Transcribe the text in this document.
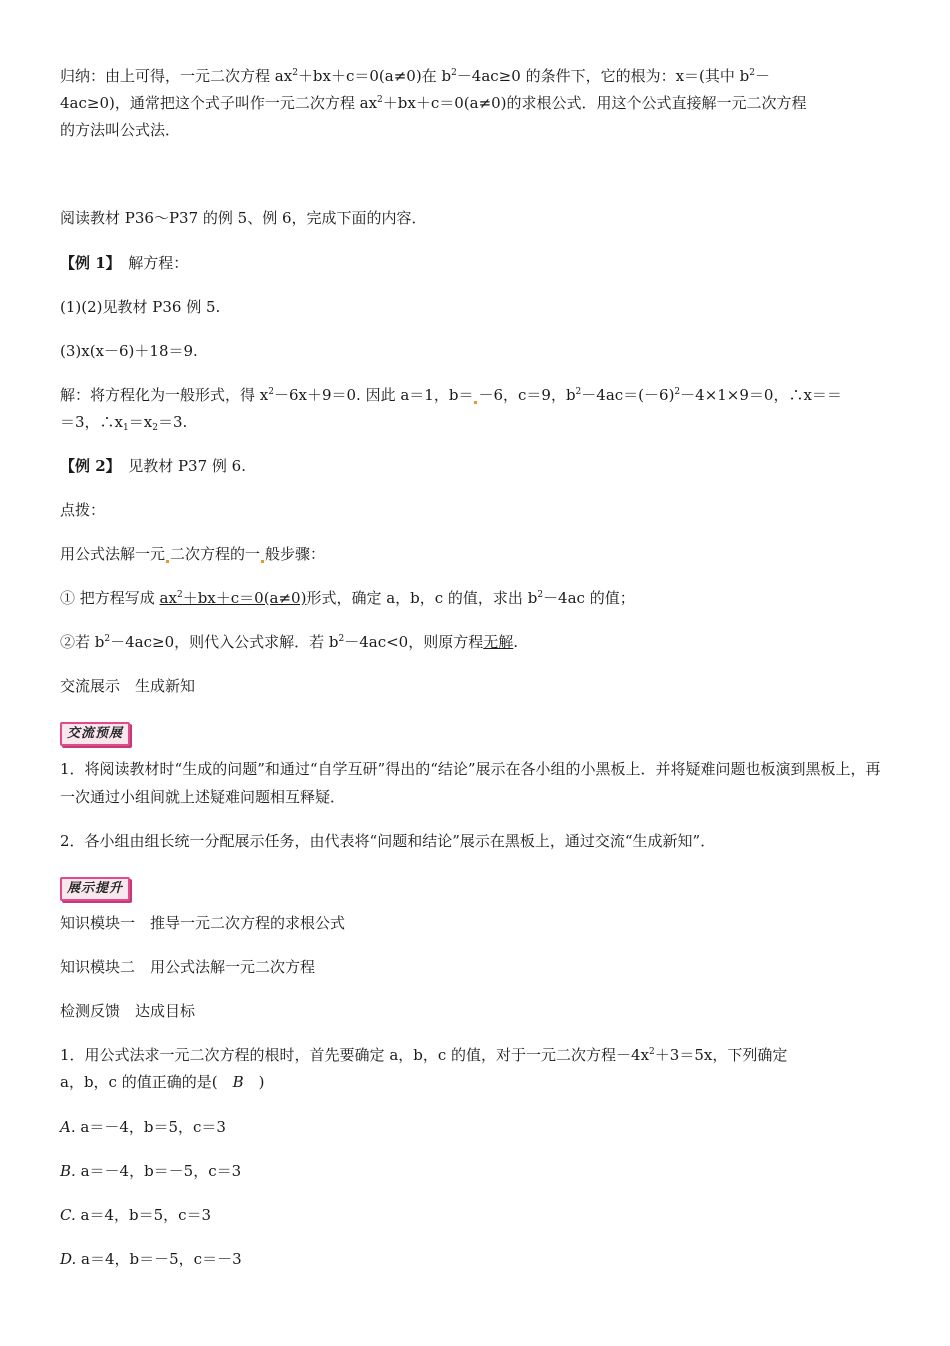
归纳：由上可得，一元二次方程 $ax^2+bx+c=0(a\ne 0)$在 $b^2-4ac\ge 0$ 的条件下，它的根为：x＝(其中 $b^2-$
4ac≥0)，通常把这个式子叫作一元二次方程 $ax^2+bx+c=0(a\ne 0)$的求根公式．用这个公式直接解一元二次方程
的方法叫公式法．
阅读教材 P36～P37 的例 5、例 6，完成下面的内容．
【例 1】　 解方程：
(1)(2)见教材 P36 例 5.
(3)x(x－6)＋18＝9.
解：将方程化为一般形式，得 $x^2-6x+9=0$. 因此 a＝1，b＝ －6，c＝9，$b^2-4ac=(-6)^2-4\times 1\times 9=0$，∴x＝＝
＝3，$\therefore x_1=x_2=3$.
【例 2】　 见教材 P37 例 6.
点拨：
用公式法解一元 二次方程的一 般步骤：
① 把方程写成 $ax^2+bx+c=0(a\ne 0)$形式，确定 a，b，c 的值，求出 $b^2-4ac$ 的值；
②若 $b^2-4ac\ge 0$，则代入公式求解．若 $b^2-4ac<0$，则原方程无解.
交流展示　生成新知
交流预展
1．将阅读教材时“生成的问题”和通过“自学互研”得出的“结论”展示在各小组的小黑板上．并将疑难问题也板演到黑板上，再一次通过小组间就上述疑难问题相互释疑．
2．各小组由组长统一分配展示任务，由代表将“问题和结论”展示在黑板上，通过交流“生成新知”．
展示提升
知识模块一　推导一元二次方程的求根公式
知识模块二　用公式法解一元二次方程
检测反馈　达成目标
1．用公式法求一元二次方程的根时，首先要确定 a，b，c 的值，对于一元二次方程$-4x^2+3=5x$，下列确定
a，b，c 的值正确的是(　 B　 )
A. a＝－4，b＝5，c＝3
B. a＝－4，b＝－5，c＝3
C. a＝4，b＝5，c＝3
D. a＝4，b＝－5，c＝－3
